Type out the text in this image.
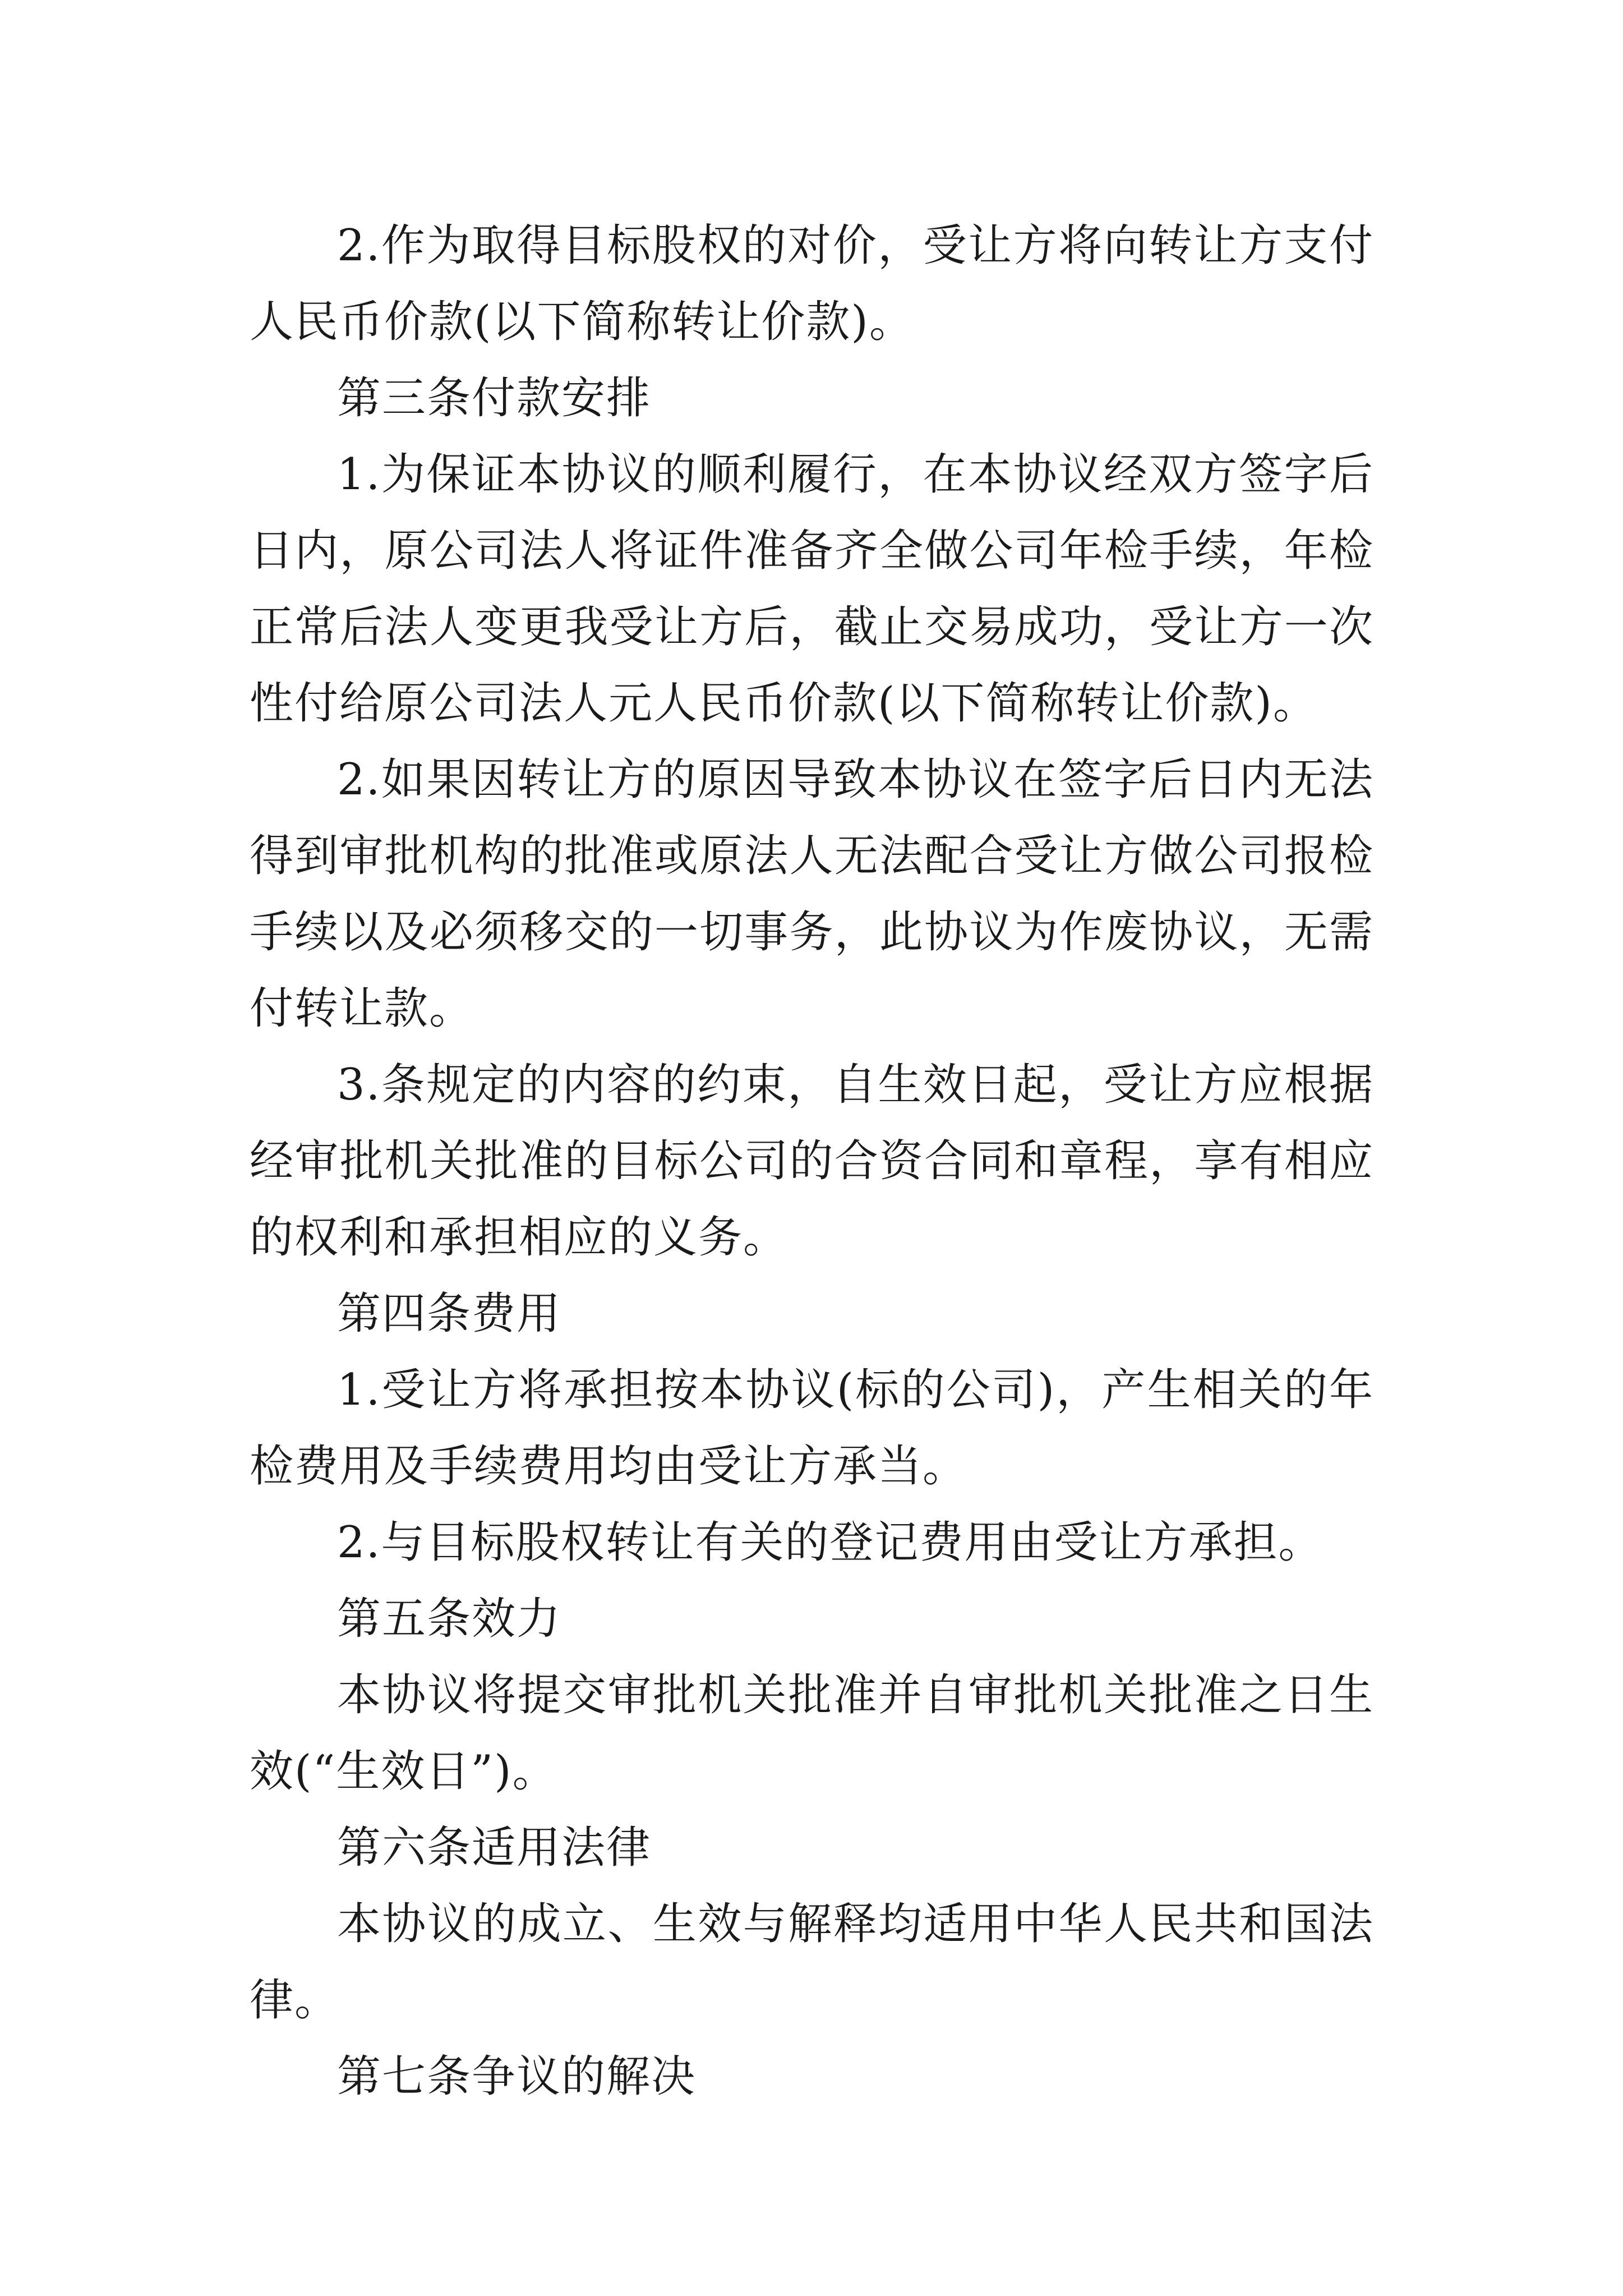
2.作为取得目标股权的对价，受让方将向转让方支付人民币价款(以下简称转让价款)。

第三条付款安排

1.为保证本协议的顺利履行，在本协议经双方签字后日内，原公司法人将证件准备齐全做公司年检手续，年检正常后法人变更我受让方后，截止交易成功，受让方一次性付给原公司法人元人民币价款(以下简称转让价款)。

2.如果因转让方的原因导致本协议在签字后日内无法得到审批机构的批准或原法人无法配合受让方做公司报检手续以及必须移交的一切事务，此协议为作废协议，无需付转让款。

3.条规定的内容的约束，自生效日起，受让方应根据经审批机关批准的目标公司的合资合同和章程，享有相应的权利和承担相应的义务。

第四条费用

1.受让方将承担按本协议(标的公司)，产生相关的年检费用及手续费用均由受让方承当。

2.与目标股权转让有关的登记费用由受让方承担。

第五条效力

本协议将提交审批机关批准并自审批机关批准之日生效(“生效日”)。

第六条适用法律

本协议的成立、生效与解释均适用中华人民共和国法律。

第七条争议的解决
